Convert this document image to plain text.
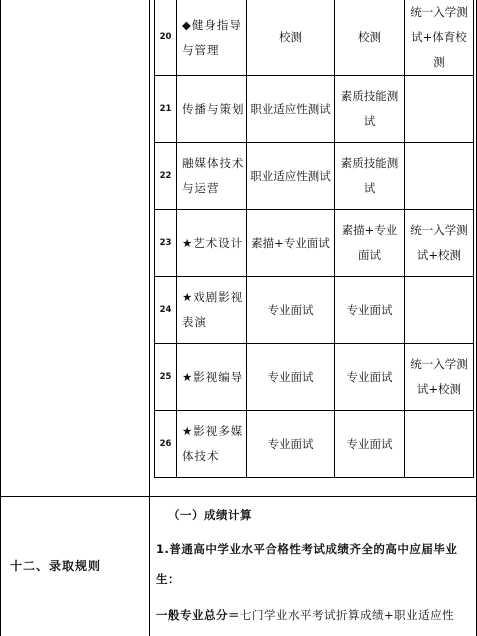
20	◆健身指导与管理	校测	校测	统一入学测试+体育校测

21	传播与策划	职业适应性测试	素质技能测试	

22	融媒体技术与运营	职业适应性测试	素质技能测试	

23	★艺术设计	素描+专业面试	素描+专业面试	统一入学测试+校测

24	★戏剧影视表演	专业面试	专业面试	

25	★影视编导	专业面试	专业面试	统一入学测试+校测

26	★影视多媒体技术	专业面试	专业面试	

十二、录取规则
（一）成绩计算
1.普通高中学业水平合格性考试成绩齐全的高中应届毕业生：
一般专业总分＝七门学业水平考试折算成绩+职业适应性
